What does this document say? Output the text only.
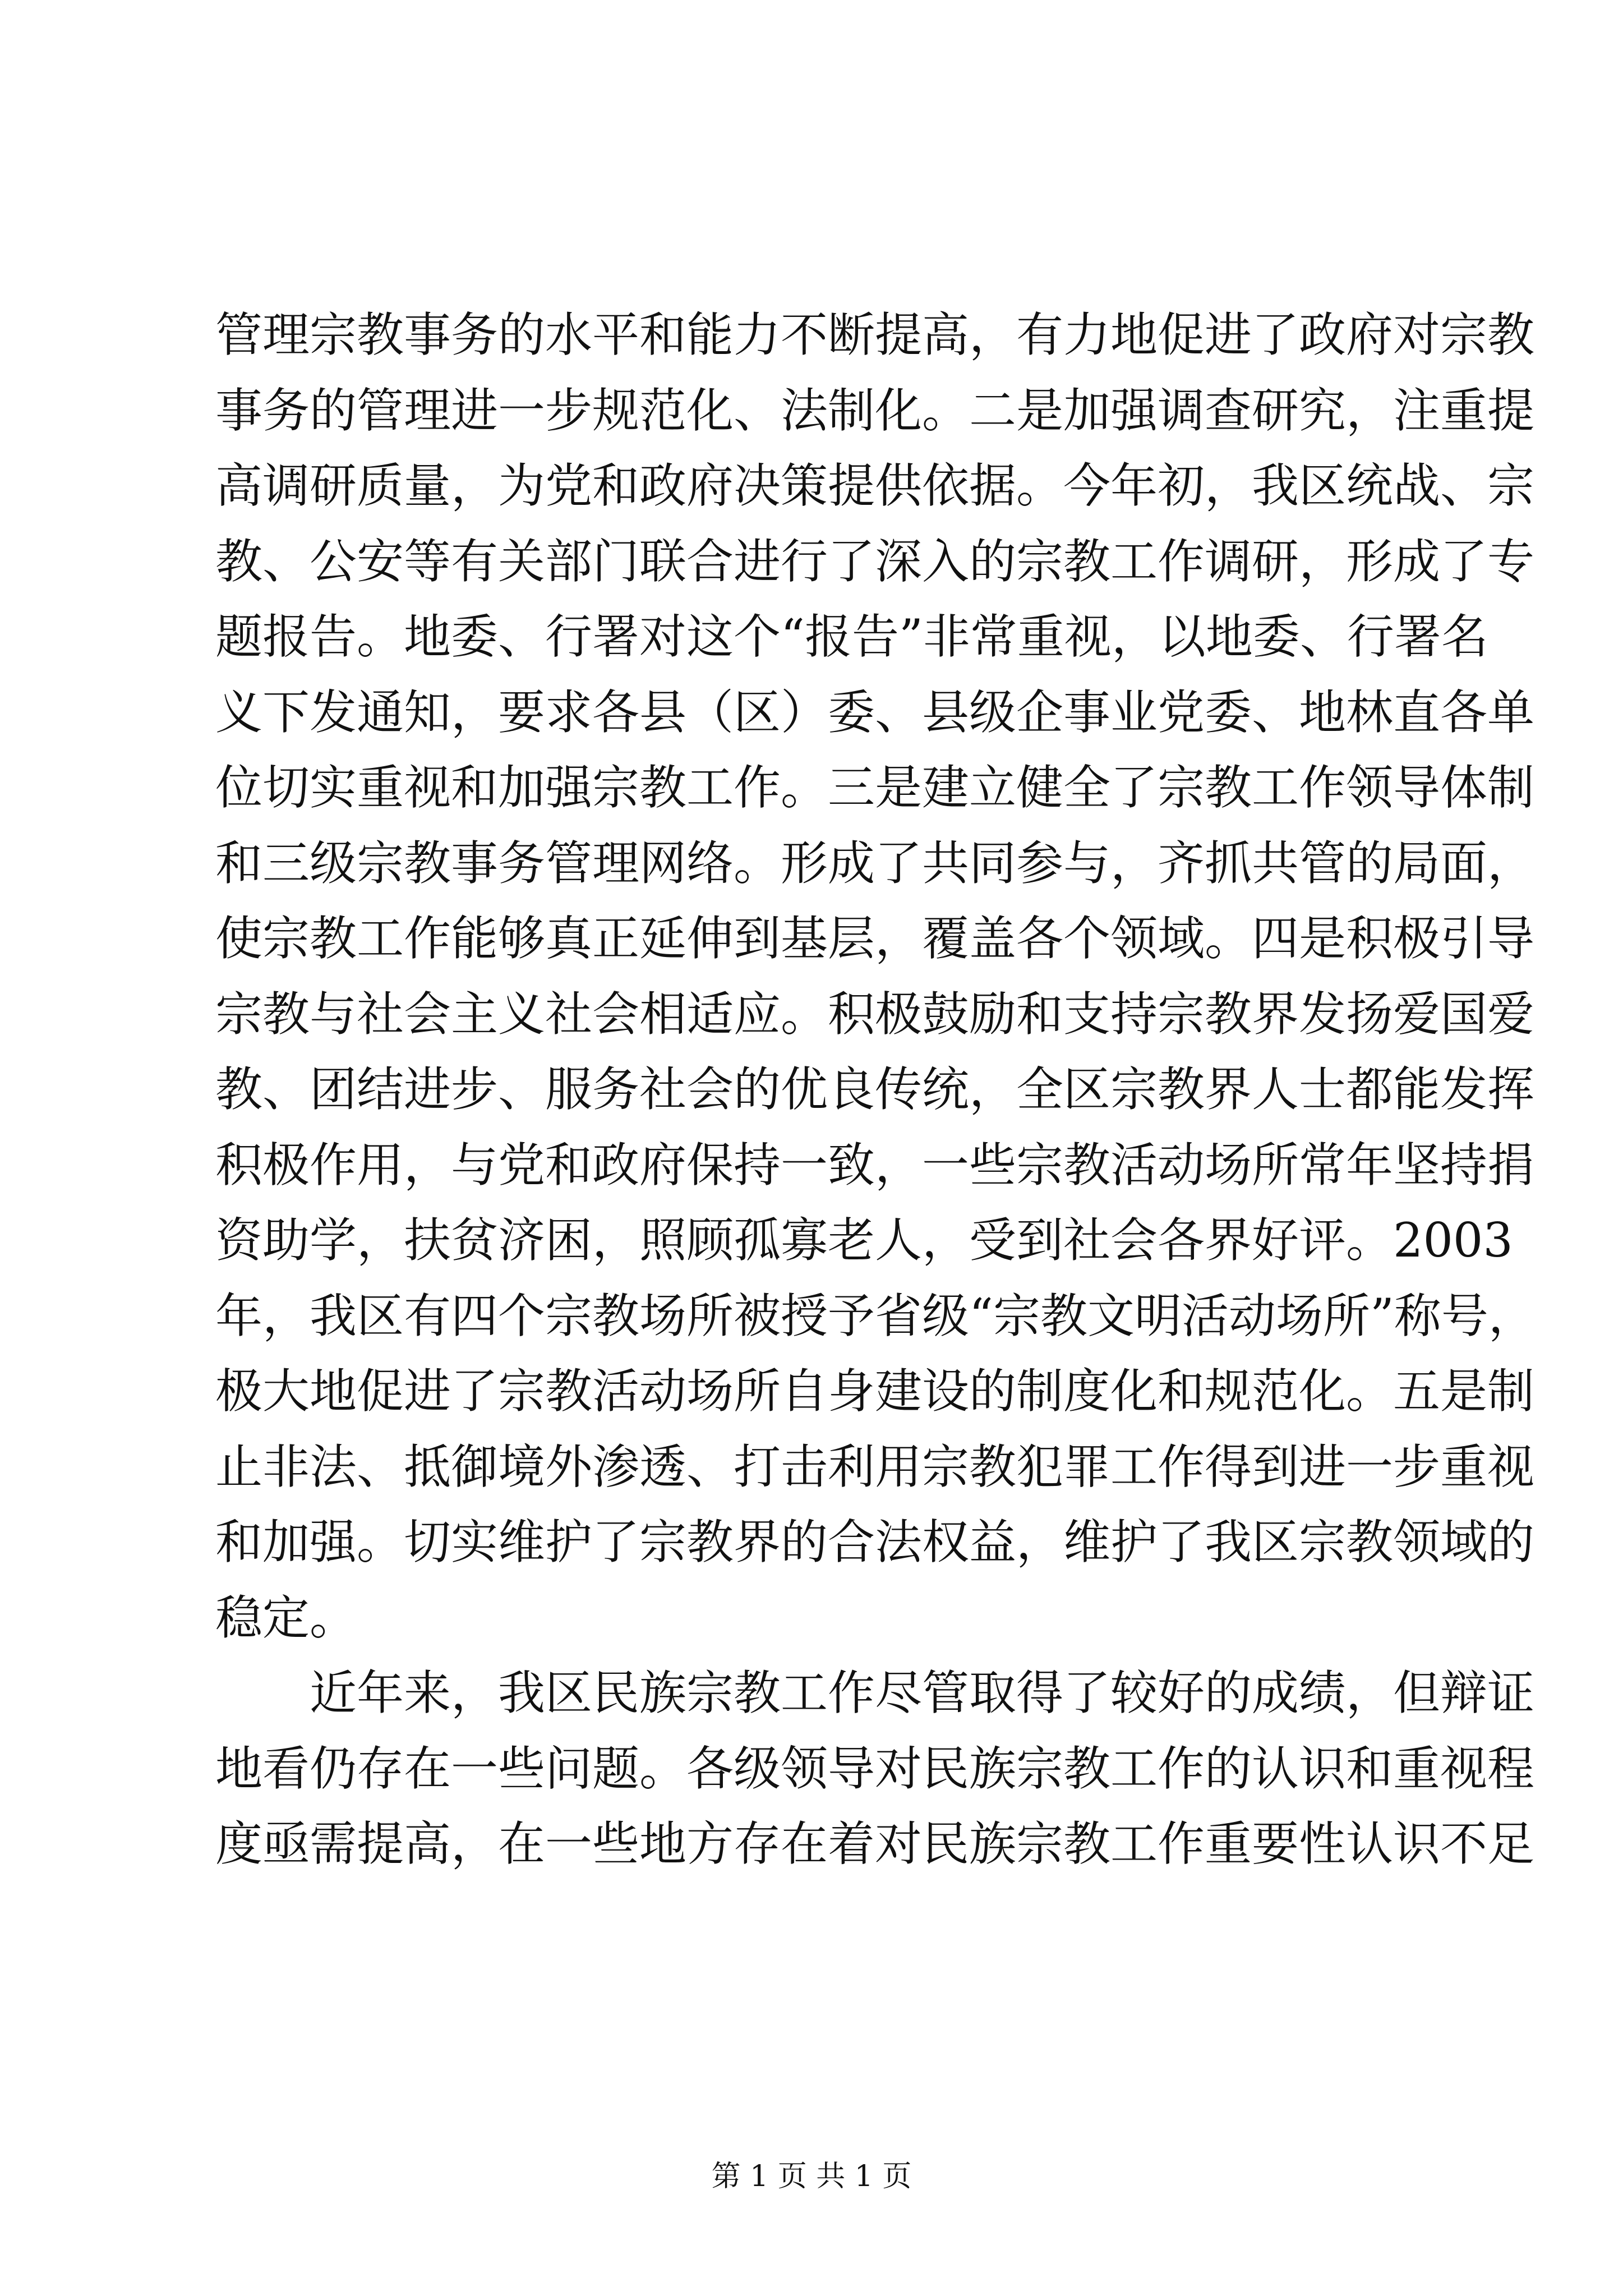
管理宗教事务的水平和能力不断提高，有力地促进了政府对宗教
事务的管理进一步规范化、法制化。二是加强调查研究，注重提
高调研质量，为党和政府决策提供依据。今年初，我区统战、宗
教、公安等有关部门联合进行了深入的宗教工作调研，形成了专
题报告。地委、行署对这个“报告”非常重视，以地委、行署名
义下发通知，要求各县（区）委、县级企事业党委、地林直各单
位切实重视和加强宗教工作。三是建立健全了宗教工作领导体制
和三级宗教事务管理网络。形成了共同参与，齐抓共管的局面，
使宗教工作能够真正延伸到基层，覆盖各个领域。四是积极引导
宗教与社会主义社会相适应。积极鼓励和支持宗教界发扬爱国爱
教、团结进步、服务社会的优良传统，全区宗教界人士都能发挥
积极作用，与党和政府保持一致，一些宗教活动场所常年坚持捐
资助学，扶贫济困，照顾孤寡老人，受到社会各界好评。2003
年，我区有四个宗教场所被授予省级“宗教文明活动场所”称号，
极大地促进了宗教活动场所自身建设的制度化和规范化。五是制
止非法、抵御境外渗透、打击利用宗教犯罪工作得到进一步重视
和加强。切实维护了宗教界的合法权益，维护了我区宗教领域的
稳定。
近年来，我区民族宗教工作尽管取得了较好的成绩，但辩证
地看仍存在一些问题。各级领导对民族宗教工作的认识和重视程
度亟需提高，在一些地方存在着对民族宗教工作重要性认识不足
第 1 页 共 1 页
